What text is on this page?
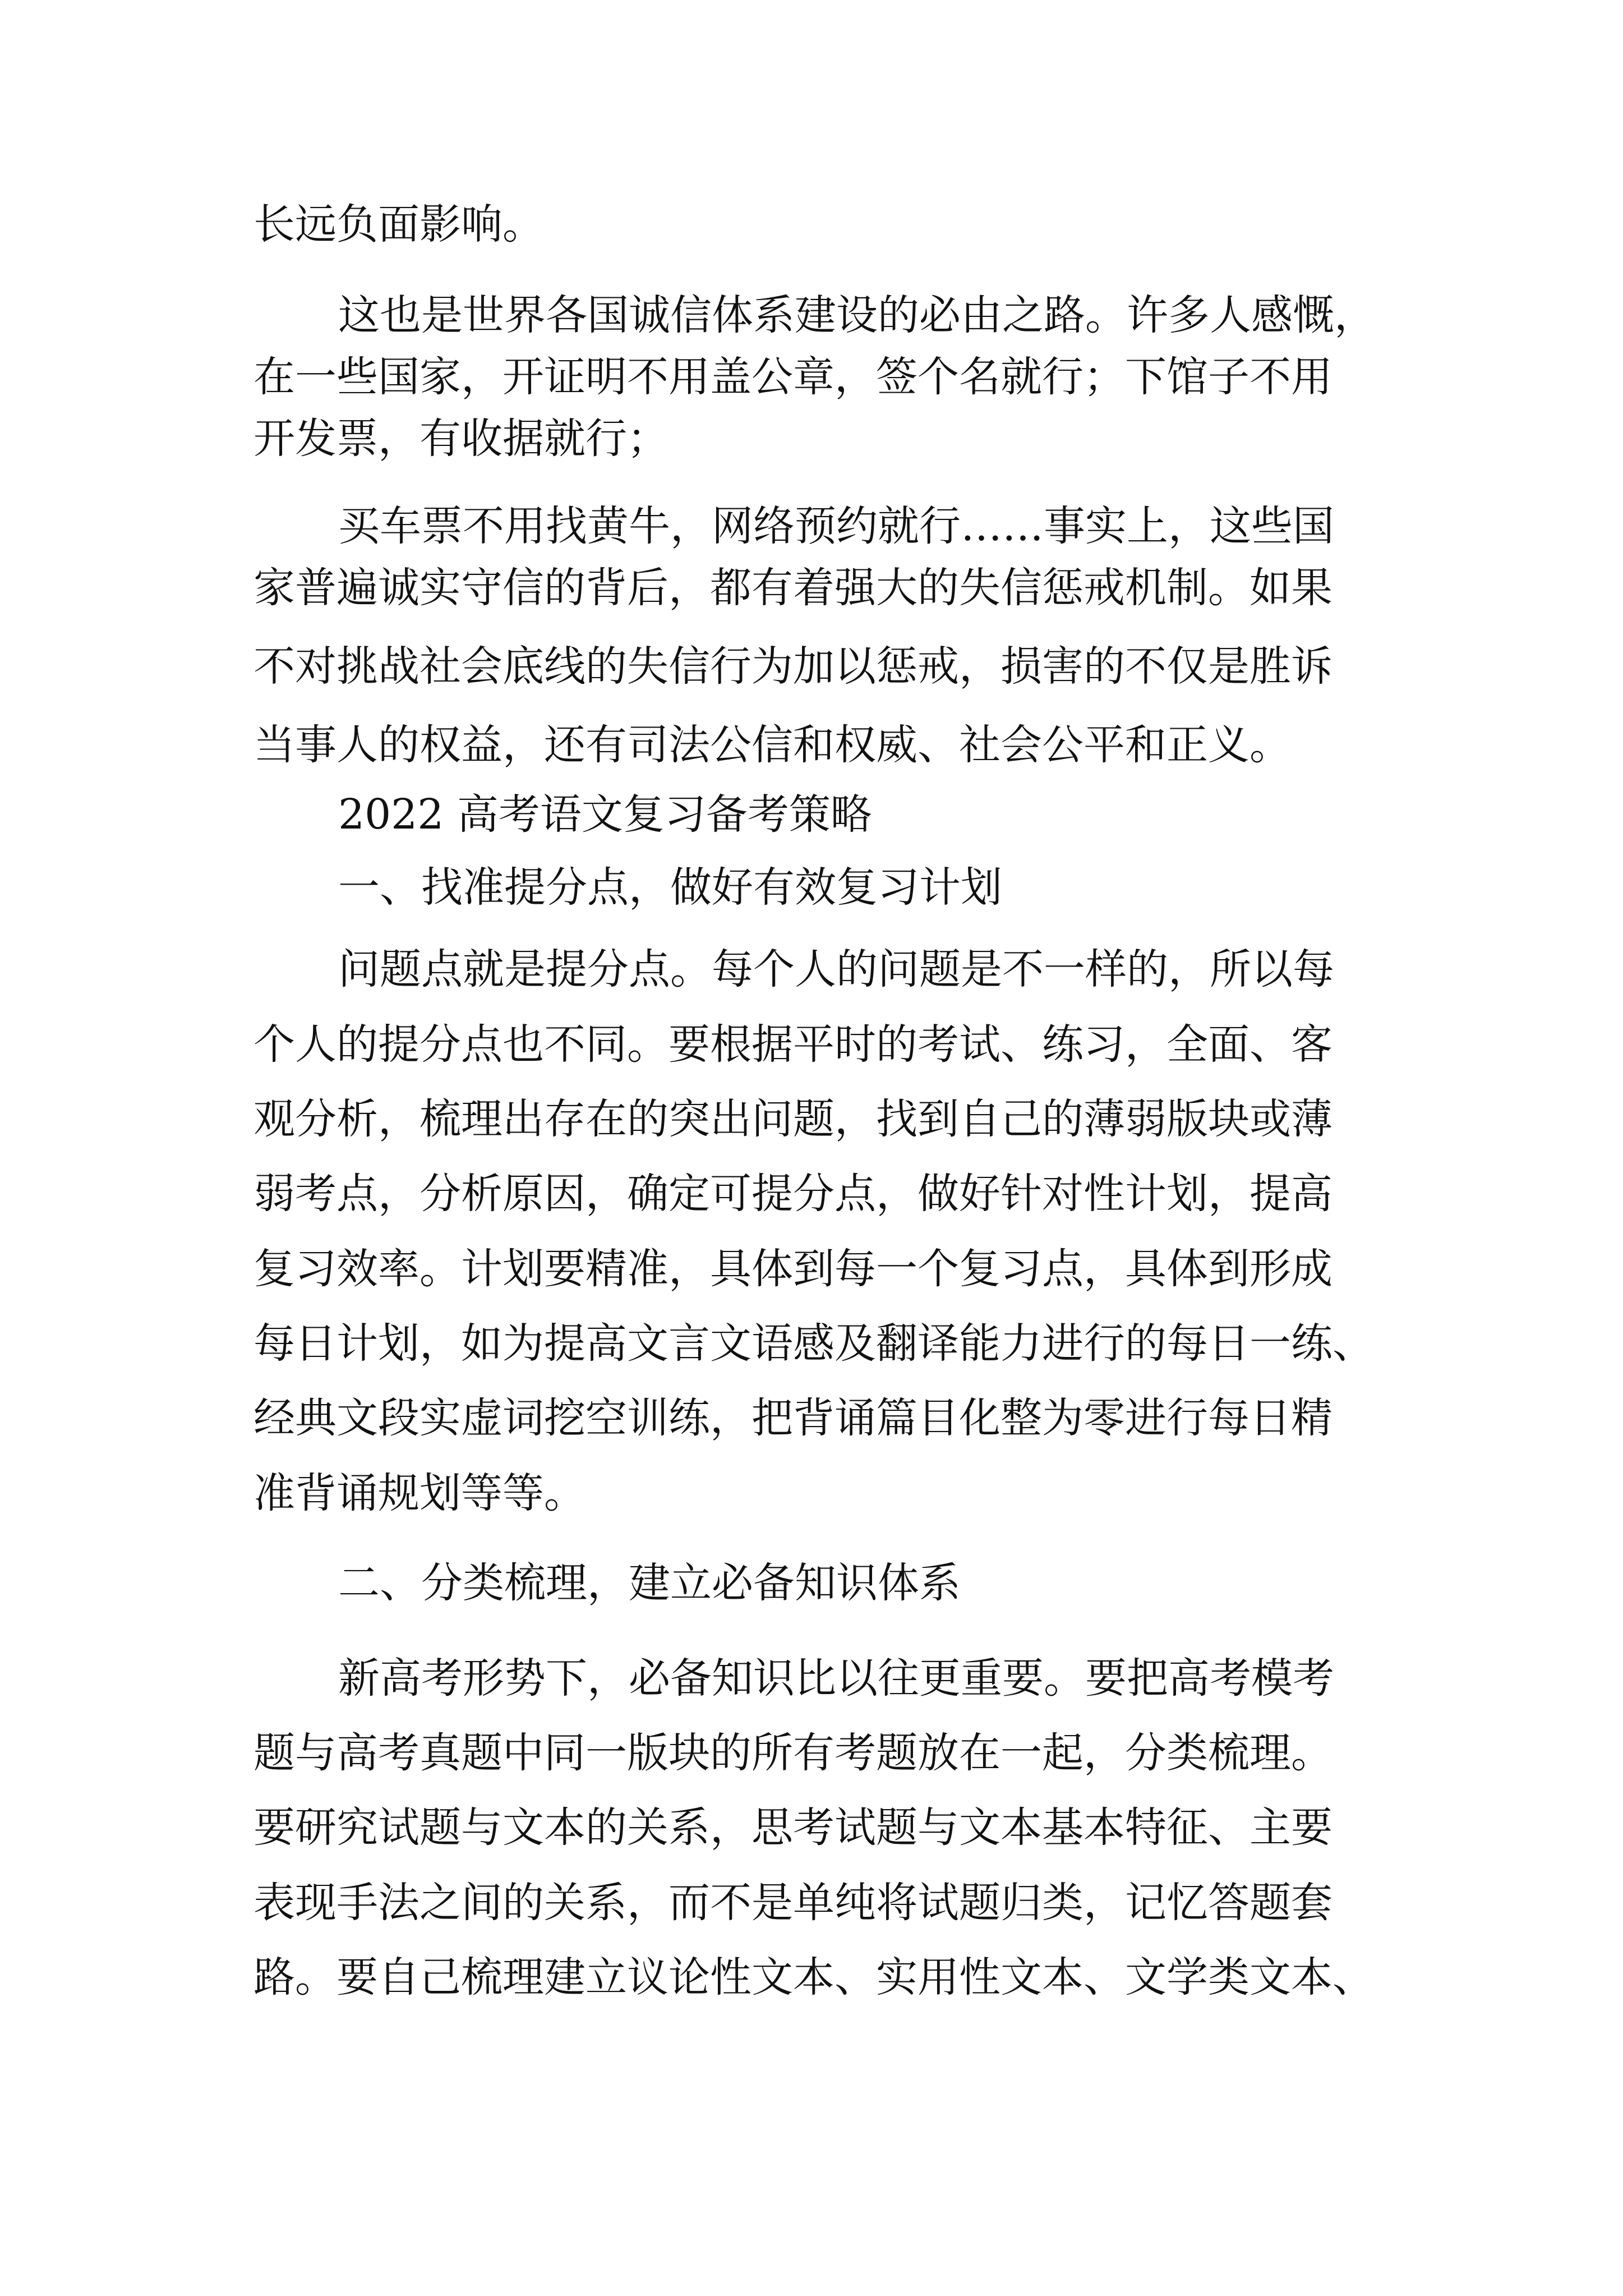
长远负面影响。
这也是世界各国诚信体系建设的必由之路。许多人感慨，
在一些国家，开证明不用盖公章，签个名就行；下馆子不用
开发票，有收据就行；
买车票不用找黄牛，网络预约就行……事实上，这些国
家普遍诚实守信的背后，都有着强大的失信惩戒机制。如果
不对挑战社会底线的失信行为加以惩戒，损害的不仅是胜诉
当事人的权益，还有司法公信和权威、社会公平和正义。
2022 高考语文复习备考策略
一、找准提分点，做好有效复习计划
问题点就是提分点。每个人的问题是不一样的，所以每
个人的提分点也不同。要根据平时的考试、练习，全面、客
观分析，梳理出存在的突出问题，找到自己的薄弱版块或薄
弱考点，分析原因，确定可提分点，做好针对性计划，提高
复习效率。计划要精准，具体到每一个复习点，具体到形成
每日计划，如为提高文言文语感及翻译能力进行的每日一练、
经典文段实虚词挖空训练，把背诵篇目化整为零进行每日精
准背诵规划等等。
二、分类梳理，建立必备知识体系
新高考形势下，必备知识比以往更重要。要把高考模考
题与高考真题中同一版块的所有考题放在一起，分类梳理。
要研究试题与文本的关系，思考试题与文本基本特征、主要
表现手法之间的关系，而不是单纯将试题归类，记忆答题套
路。要自己梳理建立议论性文本、实用性文本、文学类文本、
